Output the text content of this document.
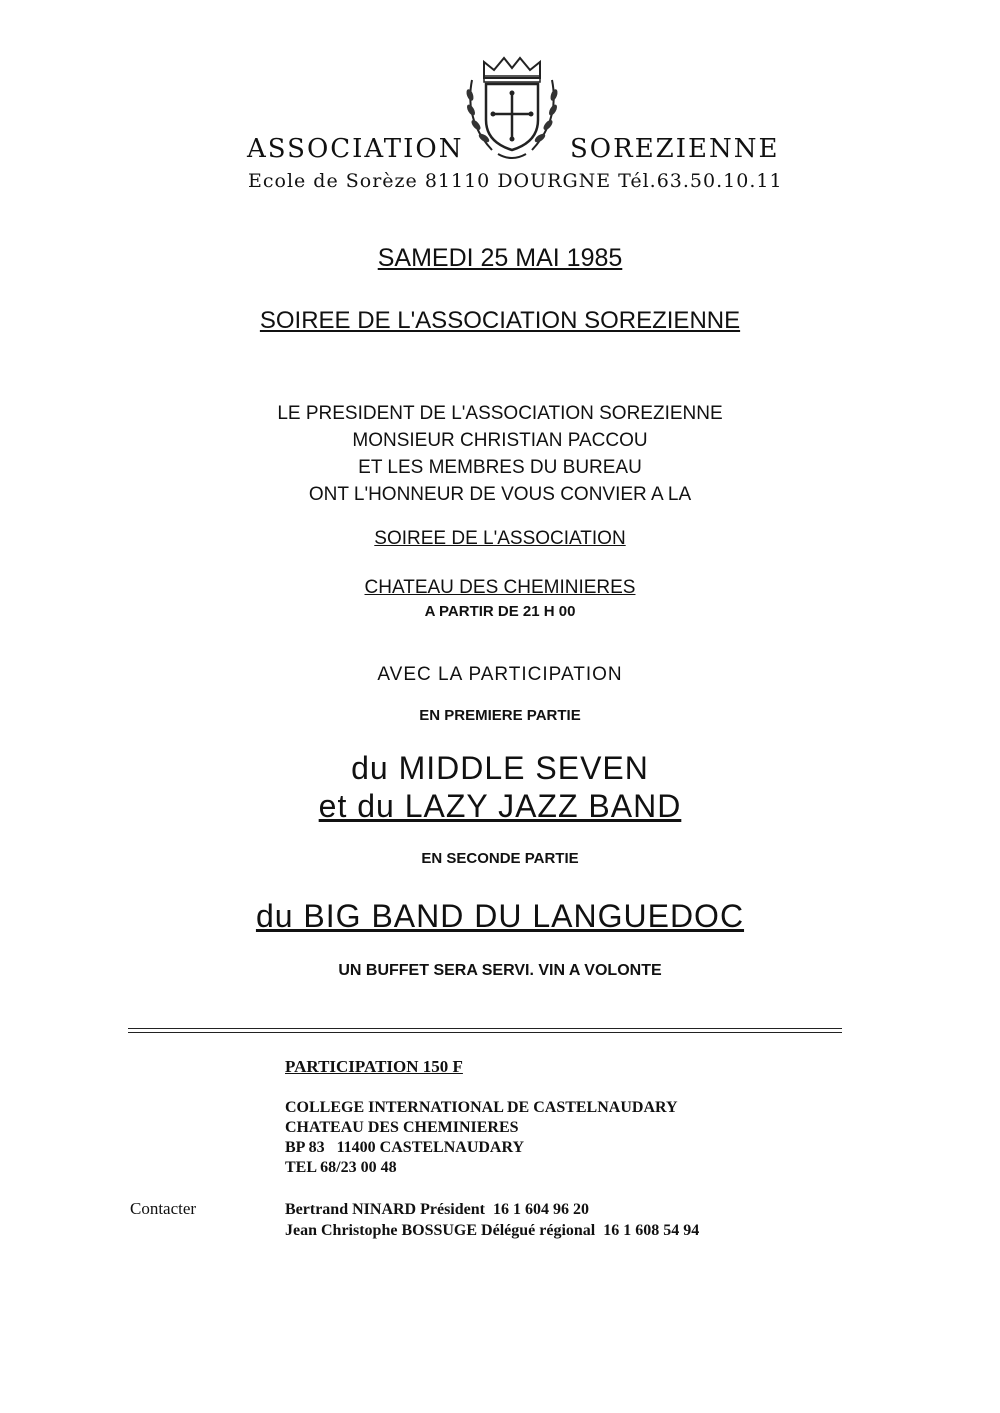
ASSOCIATION	SOREZIENNE
Ecole de Sorèze 81110 DOURGNE Tél.63.50.10.11
SAMEDI 25 MAI 1985
SOIREE DE L'ASSOCIATION SOREZIENNE
LE PRESIDENT DE L'ASSOCIATION SOREZIENNE
MONSIEUR CHRISTIAN PACCOU
ET LES MEMBRES DU BUREAU
ONT L'HONNEUR DE VOUS CONVIER A LA
SOIREE DE L'ASSOCIATION
CHATEAU DES CHEMINIERES
A PARTIR DE 21 H 00
AVEC LA PARTICIPATION
EN PREMIERE PARTIE
du MIDDLE SEVEN
et du LAZY JAZZ BAND
EN SECONDE PARTIE
du BIG BAND DU LANGUEDOC
UN BUFFET SERA SERVI. VIN A VOLONTE
PARTICIPATION 150 F
COLLEGE INTERNATIONAL DE CASTELNAUDARY
CHATEAU DES CHEMINIERES
BP 83   11400 CASTELNAUDARY
TEL 68/23 00 48
Contacter	Bertrand NINARD Président  16 1 604 96 20
Jean Christophe BOSSUGE Délégué régional  16 1 608 54 94
